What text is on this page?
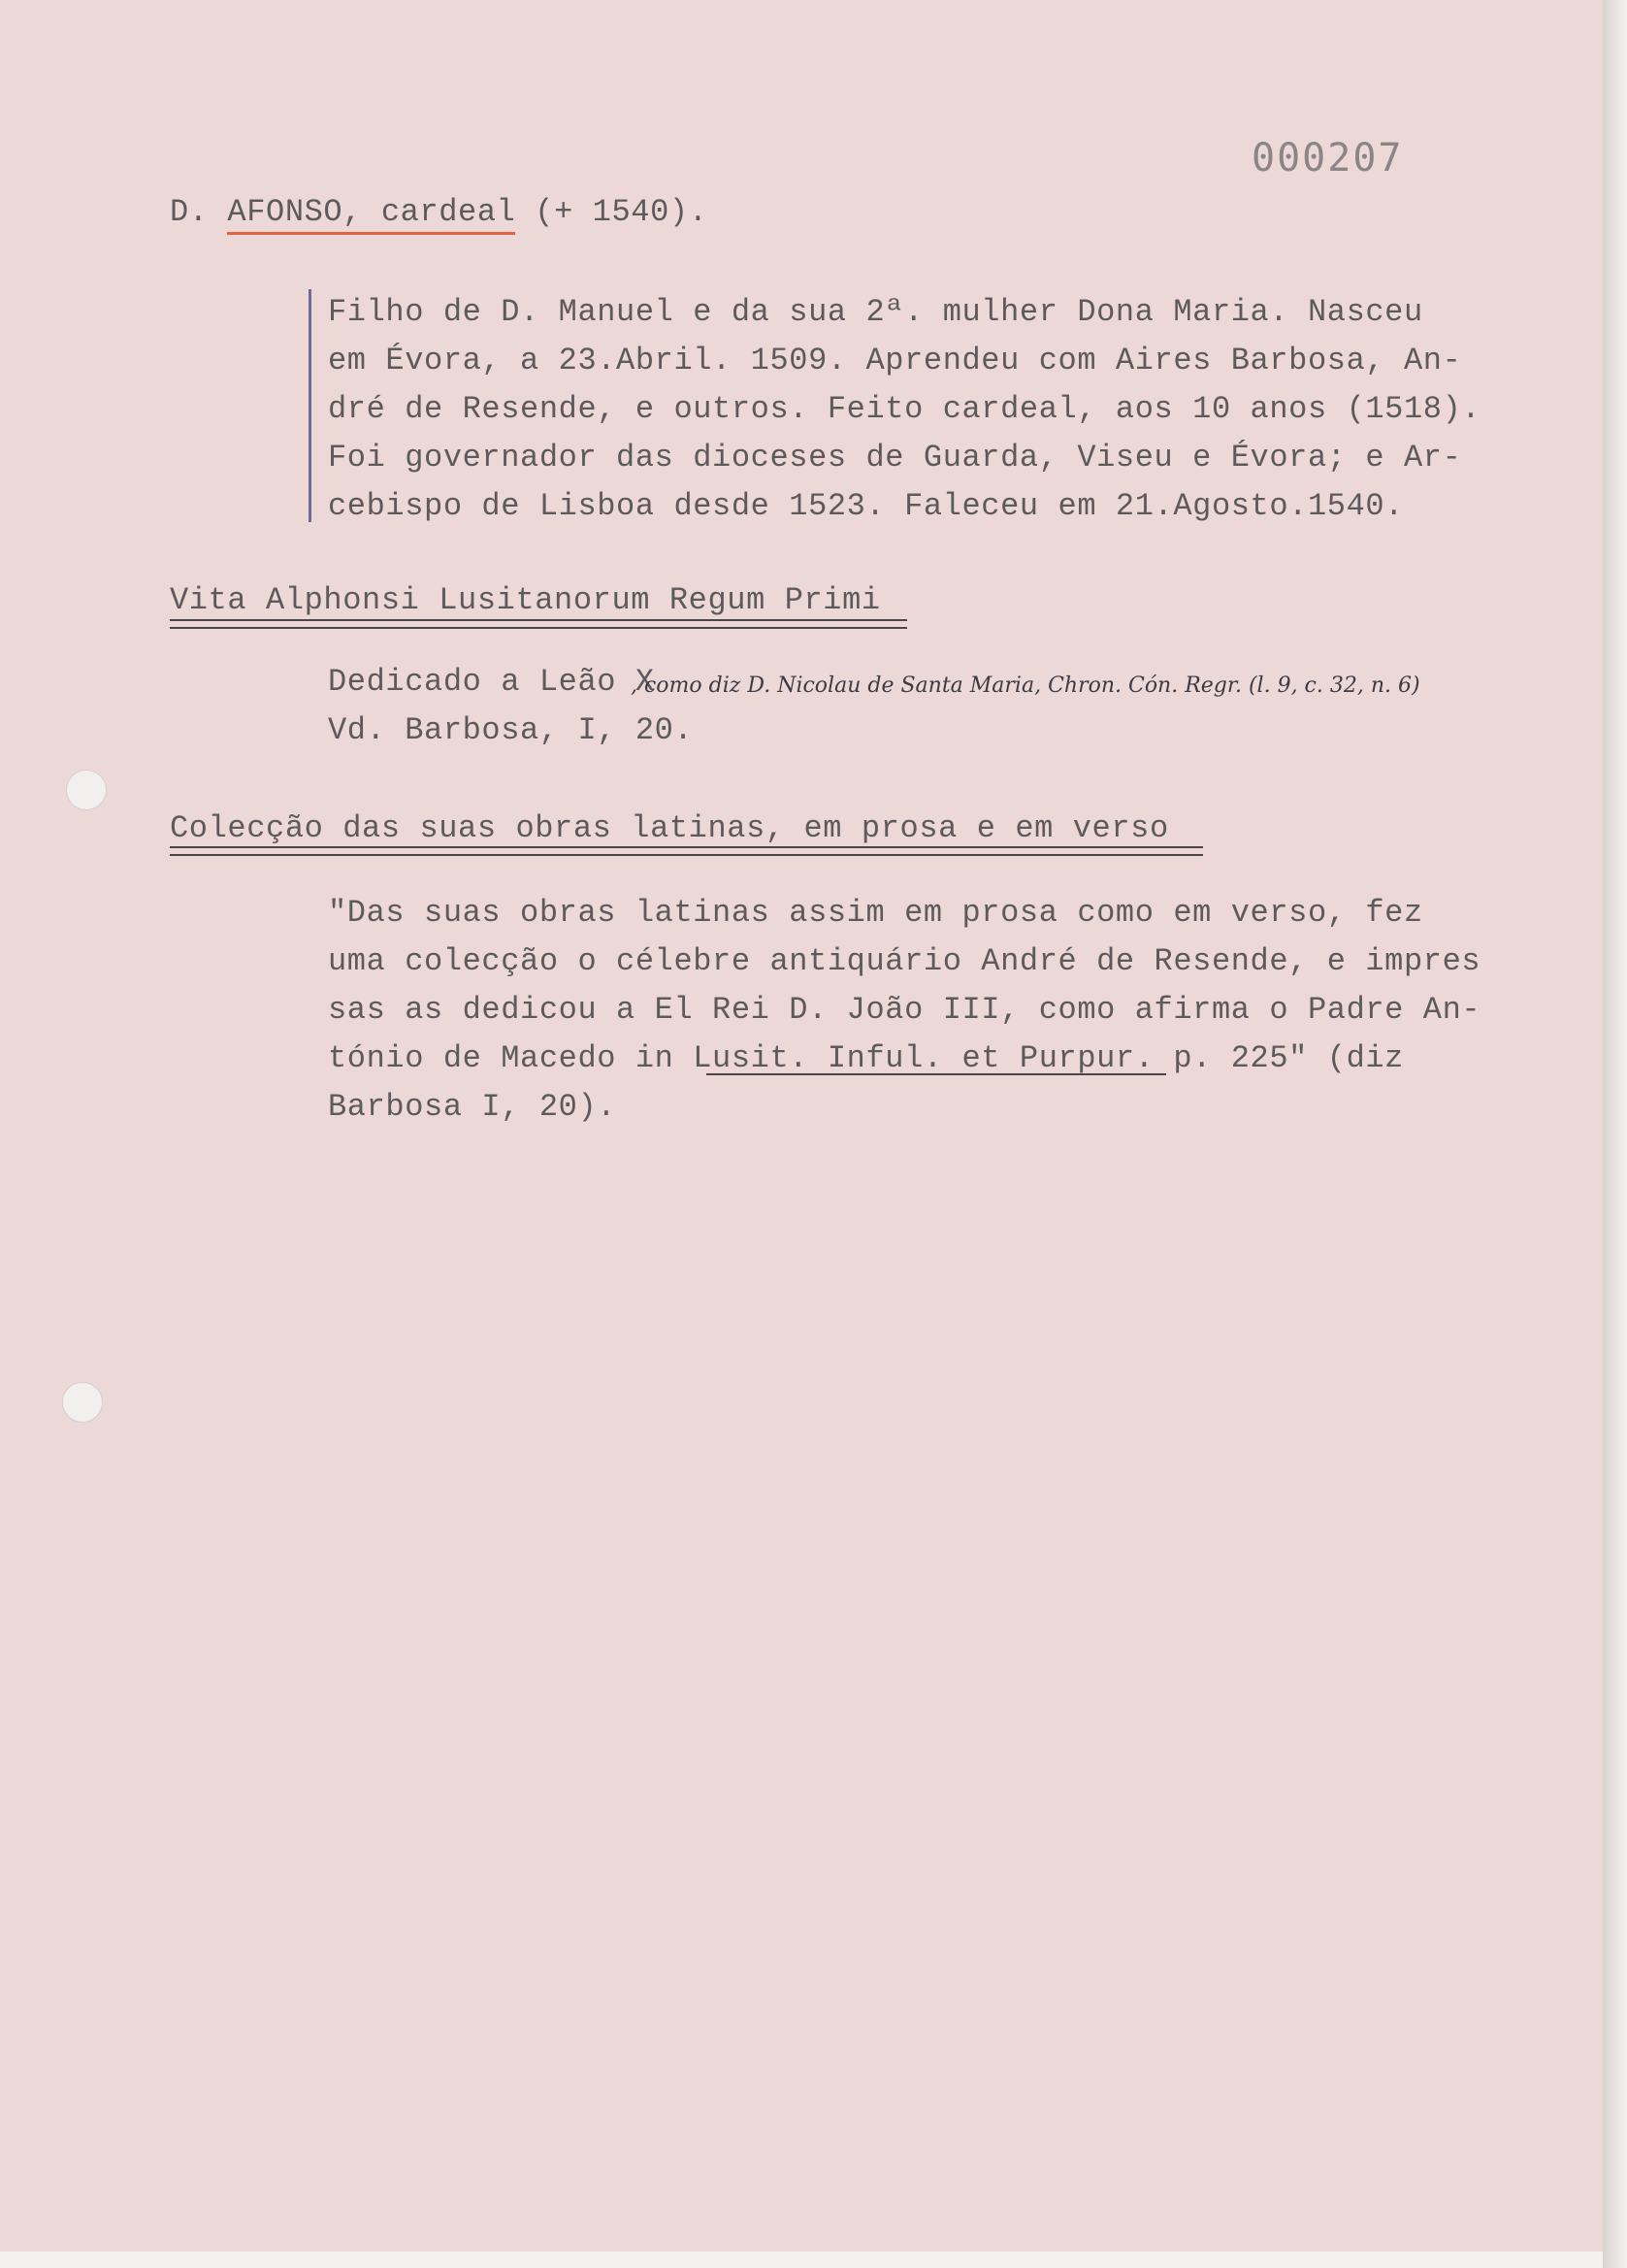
000207
D. AFONSO, cardeal (+ 1540).
Filho de D. Manuel e da sua 2ª. mulher Dona Maria. Nasceu
em Évora, a 23.Abril. 1509. Aprendeu com Aires Barbosa, An-
dré de Resende, e outros. Feito cardeal, aos 10 anos (1518).
Foi governador das dioceses de Guarda, Viseu e Évora; e Ar-
cebispo de Lisboa desde 1523. Faleceu em 21.Agosto.1540.
Vita Alphonsi Lusitanorum Regum Primi
Dedicado a Leão X
, como diz D. Nicolau de Santa Maria, Chron. Cón. Regr. (l. 9, c. 32, n. 6)
Vd. Barbosa, I, 20.
Colecção das suas obras latinas, em prosa e em verso
"Das suas obras latinas assim em prosa como em verso, fez
uma colecção o célebre antiquário André de Resende, e impres
sas as dedicou a El Rei D. João III, como afirma o Padre An-
tónio de Macedo in Lusit. Inful. et Purpur. p. 225" (diz
Barbosa I, 20).
